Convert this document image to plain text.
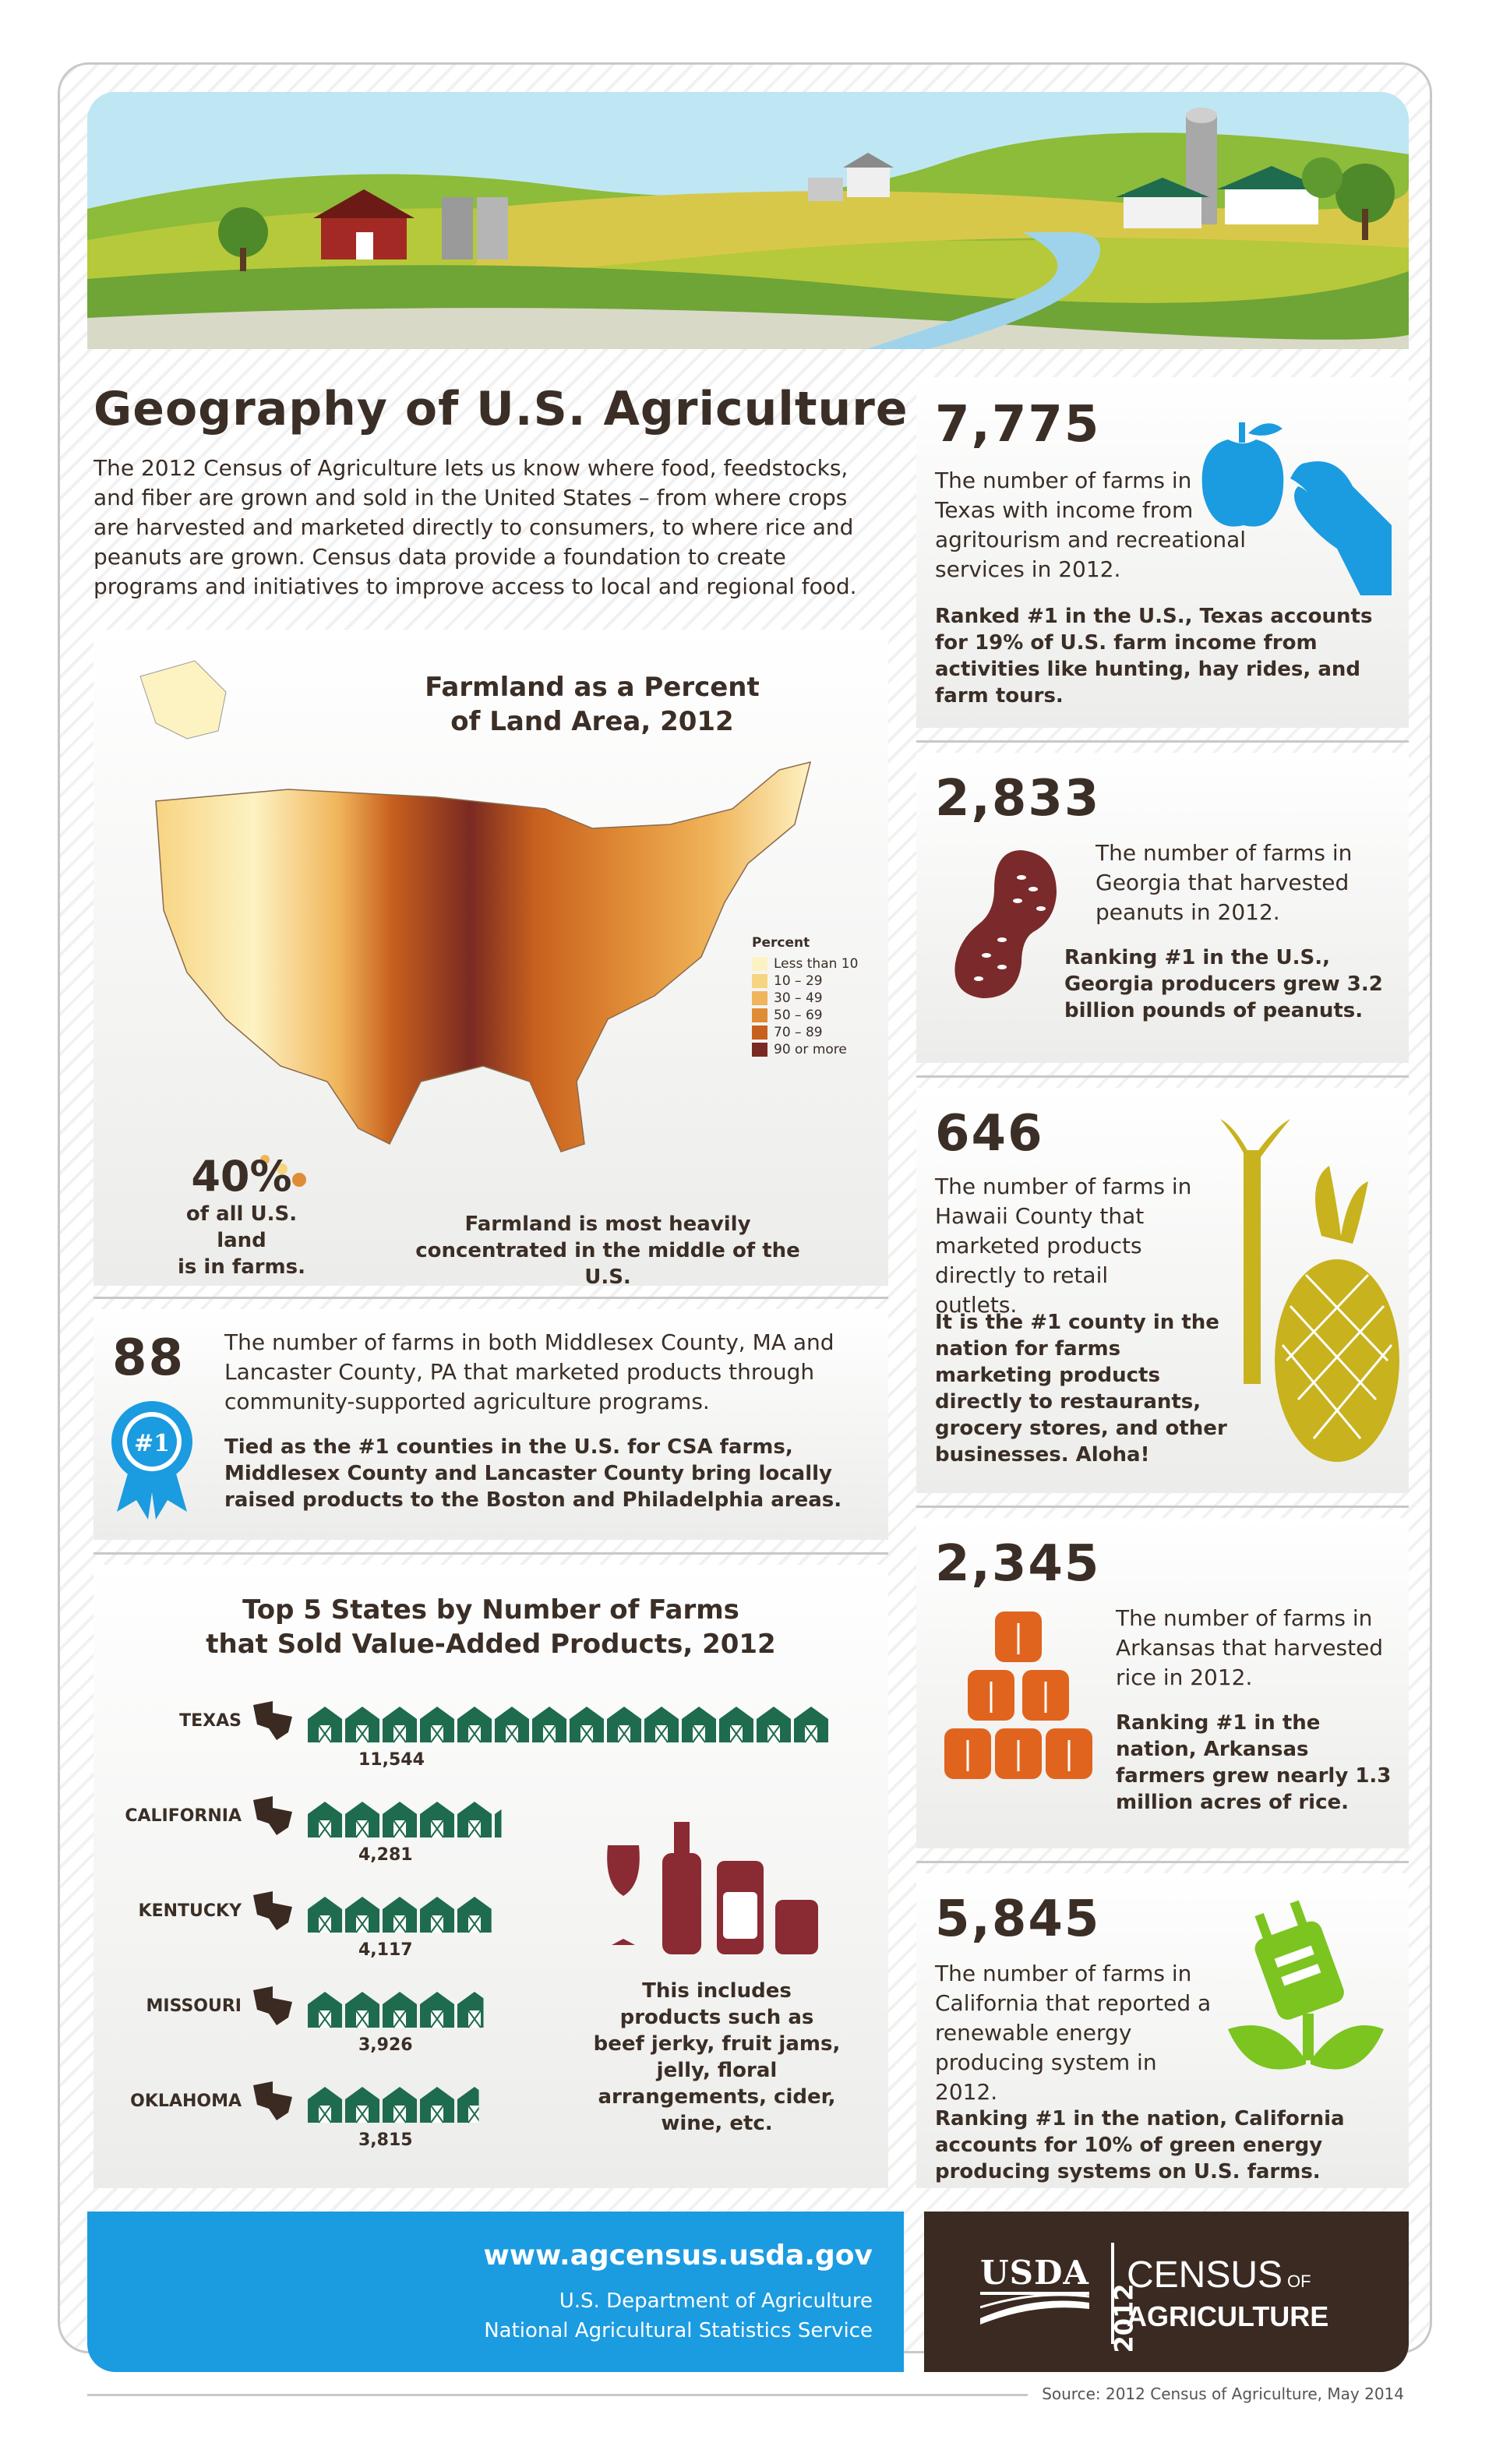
Geography of U.S. Agriculture
The 2012 Census of Agriculture lets us know where food, feedstocks, and fiber are grown and sold in the United States – from where crops are harvested and marketed directly to consumers, to where rice and peanuts are grown. Census data provide a foundation to create programs and initiatives to improve access to local and regional food.
Farmland as a Percent
of Land Area, 2012
Percent
Less than 10
10 – 29
30 – 49
50 – 69
70 – 89
90 or more
40%
of all U.S. land
is in farms.
Farmland is most heavily
concentrated in the middle of the U.S.
88
#1
The number of farms in both Middlesex County, MA and Lancaster County, PA that marketed products through community-supported agriculture programs.
Tied as the #1 counties in the U.S. for CSA farms, Middlesex County and Lancaster County bring locally raised products to the Boston and Philadelphia areas.
Top 5 States by Number of Farms
that Sold Value-Added Products, 2012
TEXAS
11,544
CALIFORNIA
4,281
KENTUCKY
4,117
MISSOURI
3,926
OKLAHOMA
3,815
This includes products such as beef jerky, fruit jams, jelly, floral arrangements, cider, wine, etc.
7,775
The number of farms in Texas with income from agritourism and recreational services in 2012.
Ranked #1 in the U.S., Texas accounts for 19% of U.S. farm income from activities like hunting, hay rides, and farm tours.
2,833
The number of farms in Georgia that harvested peanuts in 2012.
Ranking #1 in the U.S., Georgia producers grew 3.2 billion pounds of peanuts.
646
The number of farms in Hawaii County that marketed products directly to retail outlets.
It is the #1 county in the nation for farms marketing products directly to restaurants, grocery stores, and other businesses. Aloha!
2,345
The number of farms in Arkansas that harvested rice in 2012.
Ranking #1 in the nation, Arkansas farmers grew nearly 1.3 million acres of rice.
5,845
The number of farms in California that reported a renewable energy producing system in 2012.
Ranking #1 in the nation, California accounts for 10% of green energy producing systems on U.S. farms.
www.agcensus.usda.gov
U.S. Department of Agriculture
National Agricultural Statistics Service
USDA
2012
CENSUS OF
AGRICULTURE
Source: 2012 Census of Agriculture, May 2014
